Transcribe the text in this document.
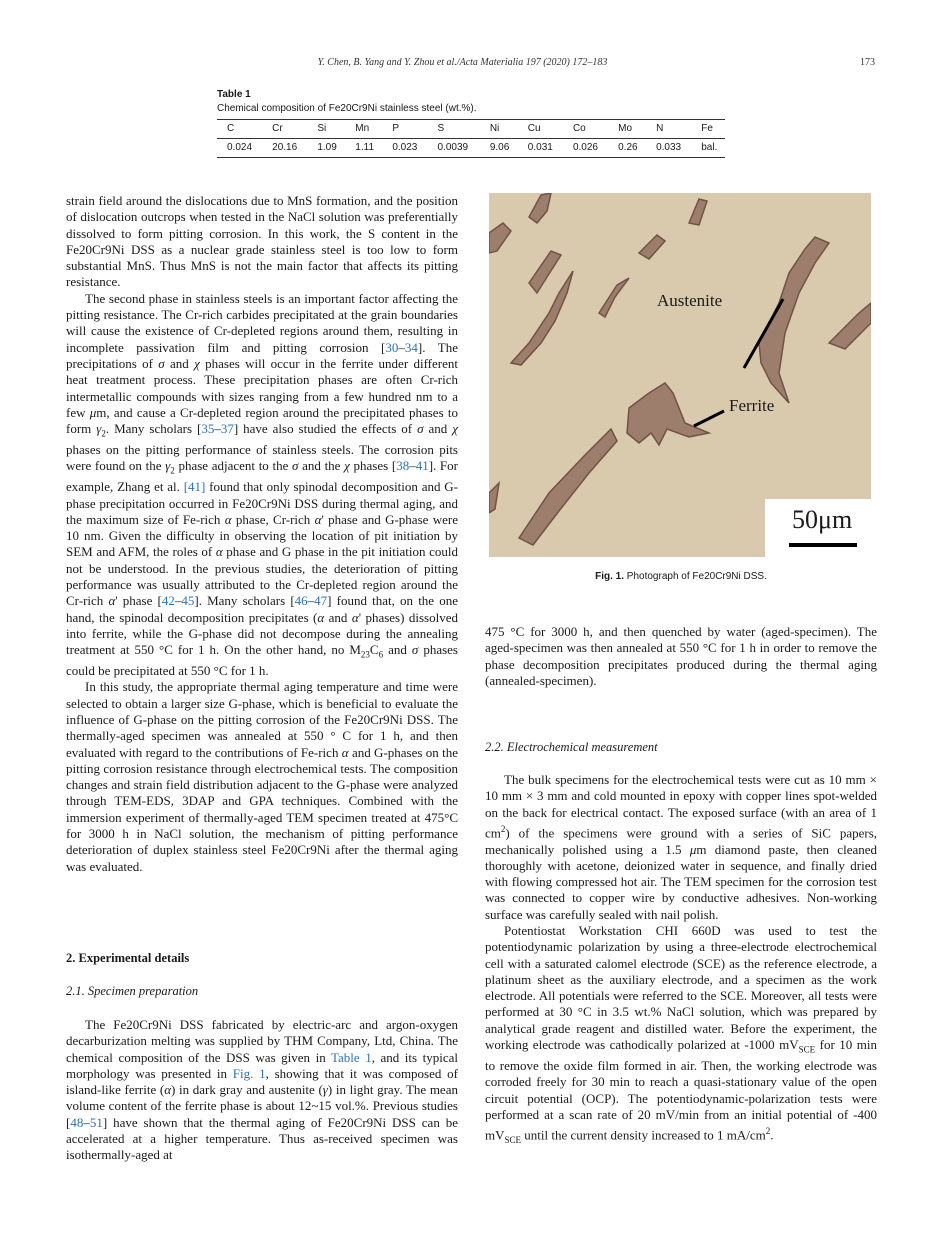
Y. Chen, B. Yang and Y. Zhou et al./Acta Materialia 197 (2020) 172–183	173
Table 1
Chemical composition of Fe20Cr9Ni stainless steel (wt.%).
C	Cr	Si	Mn	P	S	Ni	Cu	Co	Mo	N	Fe
0.024	20.16	1.09	1.11	0.023	0.0039	9.06	0.031	0.026	0.26	0.033	bal.

strain field around the dislocations due to MnS formation, and the position of dislocation outcrops when tested in the NaCl solution was preferentially dissolved to form pitting corrosion. In this work, the S content in the Fe20Cr9Ni DSS as a nuclear grade stainless steel is too low to form substantial MnS. Thus MnS is not the main factor that affects its pitting resistance.

The second phase in stainless steels is an important factor affecting the pitting resistance. The Cr-rich carbides precipitated at the grain boundaries will cause the existence of Cr-depleted regions around them, resulting in incomplete passivation film and pitting corrosion [30–34]. The precipitations of σ and χ phases will occur in the ferrite under different heat treatment process. These precipitation phases are often Cr-rich intermetallic compounds with sizes ranging from a few hundred nm to a few μm, and cause a Cr-depleted region around the precipitated phases to form $\gamma_2$. Many scholars [35–37] have also studied the effects of σ and χ phases on the pitting performance of stainless steels. The corrosion pits were found on the $\gamma_2$ phase adjacent to the σ and the χ phases [38–41]. For example, Zhang et al. [41] found that only spinodal decomposition and G-phase precipitation occurred in Fe20Cr9Ni DSS during thermal aging, and the maximum size of Fe-rich α phase, Cr-rich α' phase and G-phase were 10 nm. Given the difficulty in observing the location of pit initiation by SEM and AFM, the roles of α phase and G phase in the pit initiation could not be understood. In the previous studies, the deterioration of pitting performance was usually attributed to the Cr-depleted region around the Cr-rich α' phase [42–45]. Many scholars [46–47] found that, on the one hand, the spinodal decomposition precipitates (α and α' phases) dissolved into ferrite, while the G-phase did not decompose during the annealing treatment at 550 °C for 1 h. On the other hand, no $M_{23}C_6$ and σ phases could be precipitated at 550 °C for 1 h.

In this study, the appropriate thermal aging temperature and time were selected to obtain a larger size G-phase, which is beneficial to evaluate the influence of G-phase on the pitting corrosion of the Fe20Cr9Ni DSS. The thermally-aged specimen was annealed at 550 ° C for 1 h, and then evaluated with regard to the contributions of Fe-rich α and G-phases on the pitting corrosion resistance through electrochemical tests. The composition changes and strain field distribution adjacent to the G-phase were analyzed through TEM-EDS, 3DAP and GPA techniques. Combined with the immersion experiment of thermally-aged TEM specimen treated at 475°C for 3000 h in NaCl solution, the mechanism of pitting performance deterioration of duplex stainless steel Fe20Cr9Ni after the thermal aging was evaluated.

2. Experimental details
2.1. Specimen preparation

The Fe20Cr9Ni DSS fabricated by electric-arc and argon-oxygen decarburization melting was supplied by THM Company, Ltd, China. The chemical composition of the DSS was given in Table 1, and its typical morphology was presented in Fig. 1, showing that it was composed of island-like ferrite (α) in dark gray and austenite (γ) in light gray. The mean volume content of the ferrite phase is about 12~15 vol.%. Previous studies [48–51] have shown that the thermal aging of Fe20Cr9Ni DSS can be accelerated at a higher temperature. Thus as-received specimen was isothermally-aged at

Austenite
Ferrite
50μm
Fig. 1. Photograph of Fe20Cr9Ni DSS.

475 °C for 3000 h, and then quenched by water (aged-specimen). The aged-specimen was then annealed at 550 °C for 1 h in order to remove the phase decomposition precipitates produced during the thermal aging (annealed-specimen).

2.2. Electrochemical measurement

The bulk specimens for the electrochemical tests were cut as 10 mm × 10 mm × 3 mm and cold mounted in epoxy with copper lines spot-welded on the back for electrical contact. The exposed surface (with an area of 1 $cm^2$) of the specimens were ground with a series of SiC papers, mechanically polished using a 1.5 μm diamond paste, then cleaned thoroughly with acetone, deionized water in sequence, and finally dried with flowing compressed hot air. The TEM specimen for the corrosion test was connected to copper wire by conductive adhesives. Non-working surface was carefully sealed with nail polish.

Potentiostat Workstation CHI 660D was used to test the potentiodynamic polarization by using a three-electrode electrochemical cell with a saturated calomel electrode (SCE) as the reference electrode, a platinum sheet as the auxiliary electrode, and a specimen as the work electrode. All potentials were referred to the SCE. Moreover, all tests were performed at 30 °C in 3.5 wt.% NaCl solution, which was prepared by analytical grade reagent and distilled water. Before the experiment, the working electrode was cathodically polarized at -1000 $mV_{SCE}$ for 10 min to remove the oxide film formed in air. Then, the working electrode was corroded freely for 30 min to reach a quasi-stationary value of the open circuit potential (OCP). The potentiodynamic-polarization tests were performed at a scan rate of 20 mV/min from an initial potential of -400 $mV_{SCE}$ until the current density increased to 1 $mA/cm^2$.
